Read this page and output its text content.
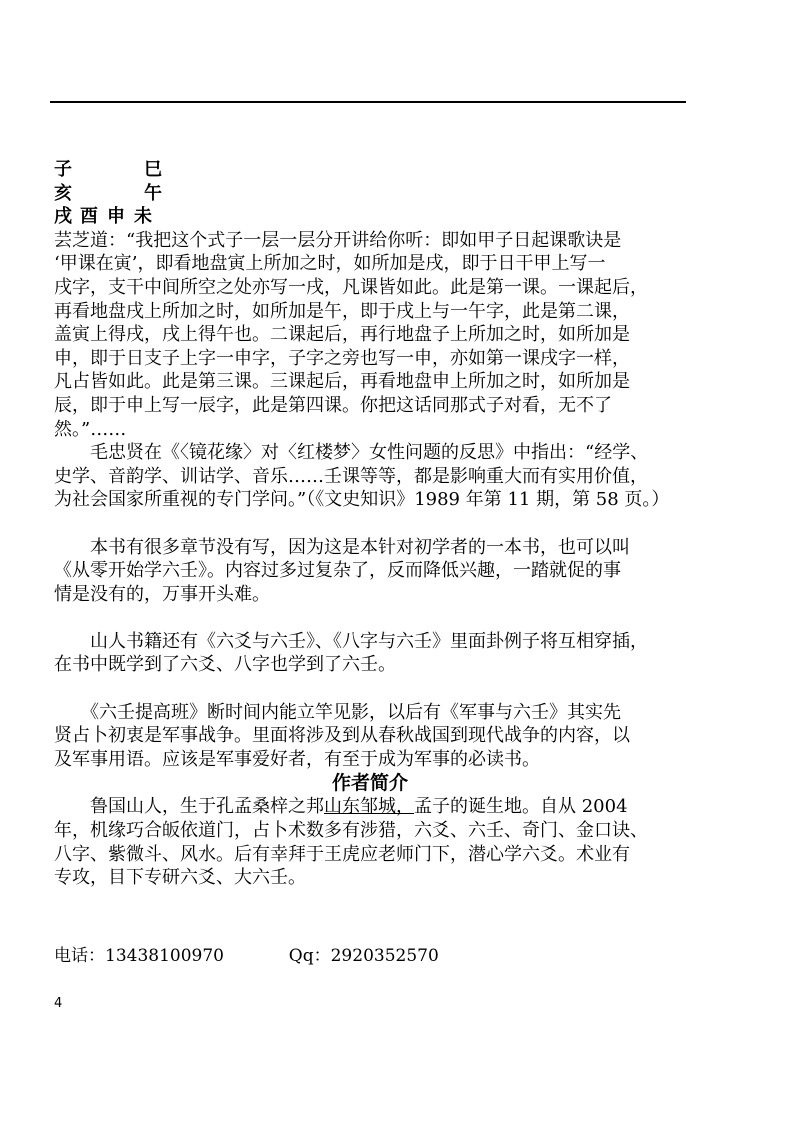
子	巳
亥	午
戌 酉 申 未

芸芝道：“我把这个式子一层一层分开讲给你听：即如甲子日起课歌诀是

‘甲课在寅’，即看地盘寅上所加之时，如所加是戌，即于日干甲上写一

戌字，支干中间所空之处亦写一戌，凡课皆如此。此是第一课。一课起后，

再看地盘戌上所加之时，如所加是午，即于戌上与一午字，此是第二课，

盖寅上得戌，戌上得午也。二课起后，再行地盘子上所加之时，如所加是

申，即于日支子上字一申字，子字之旁也写一申，亦如第一课戌字一样，

凡占皆如此。此是第三课。三课起后，再看地盘申上所加之时，如所加是

辰，即于申上写一辰字，此是第四课。你把这话同那式子对看，无不了

然。”……

　　毛忠贤在《〈镜花缘〉对〈红楼梦〉女性问题的反思》中指出：“经学、

史学、音韵学、训诂学、音乐……壬课等等，都是影响重大而有实用价值，

为社会国家所重视的专门学问。”（《文史知识》1989 年第 11 期，第 58 页。）

　　本书有很多章节没有写，因为这是本针对初学者的一本书，也可以叫

《从零开始学六壬》。内容过多过复杂了，反而降低兴趣，一踏就促的事

情是没有的，万事开头难。

　　山人书籍还有《六爻与六壬》、《八字与六壬》里面卦例子将互相穿插，

在书中既学到了六爻、八字也学到了六壬。

　　《六壬提高班》断时间内能立竿见影，以后有《军事与六壬》其实先

贤占卜初衷是军事战争。里面将涉及到从春秋战国到现代战争的内容，以

及军事用语。应该是军事爱好者，有至于成为军事的必读书。

作者简介

　　鲁国山人，生于孔孟桑梓之邦山东邹城，孟子的诞生地。自从 2004

年，机缘巧合皈依道门，占卜术数多有涉猎，六爻、六壬、奇门、金口诀、

八字、紫微斗、风水。后有幸拜于王虎应老师门下，潜心学六爻。术业有

专攻，目下专研六爻、大六壬。

电话：13438100970	Qq：2920352570
4
